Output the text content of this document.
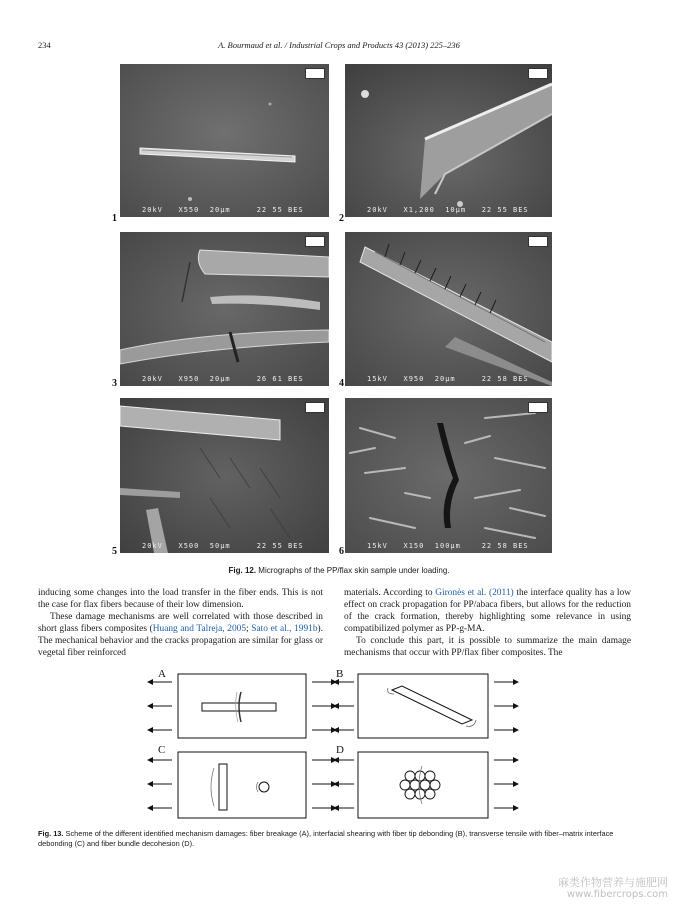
234	A. Bourmaud et al. / Industrial Crops and Products 43 (2013) 225–236
20kV   X550  20µm     22 55 BES
1
20kV   X1,200  10µm   22 55 BES
2
20kV   X950  20µm     26 61 BES
3	15kV   X950  20µm     22 58 BES
4
20kV   X500  50µm     22 55 BES
5	15kV   X150  100µm    22 58 BES
6
Fig. 12. Micrographs of the PP/flax skin sample under loading.

inducing some changes into the load transfer in the fiber ends. This is not the case for flax fibers because of their low dimension.

These damage mechanisms are well correlated with those described in short glass fibers composites (Huang and Talreja, 2005; Sato et al., 1991b). The mechanical behavior and the cracks propagation are similar for glass or vegetal fiber reinforced

materials. According to Gironès et al. (2011) the interface quality has a low effect on crack propagation for PP/abaca fibers, but allows for the reduction of the crack formation, thereby highlighting some relevance in using compatibilized polymer as PP-g-MA.

To conclude this part, it is possible to summarize the main damage mechanisms that occur with PP/flax fiber composites. The

A	B
C	D
Fig. 13. Scheme of the different identified mechanism damages: fiber breakage (A), interfacial shearing with fiber tip debonding (B), transverse tensile with fiber–matrix interface debonding (C) and fiber bundle decohesion (D).
麻类作物营养与施肥网
www.fibercrops.com
